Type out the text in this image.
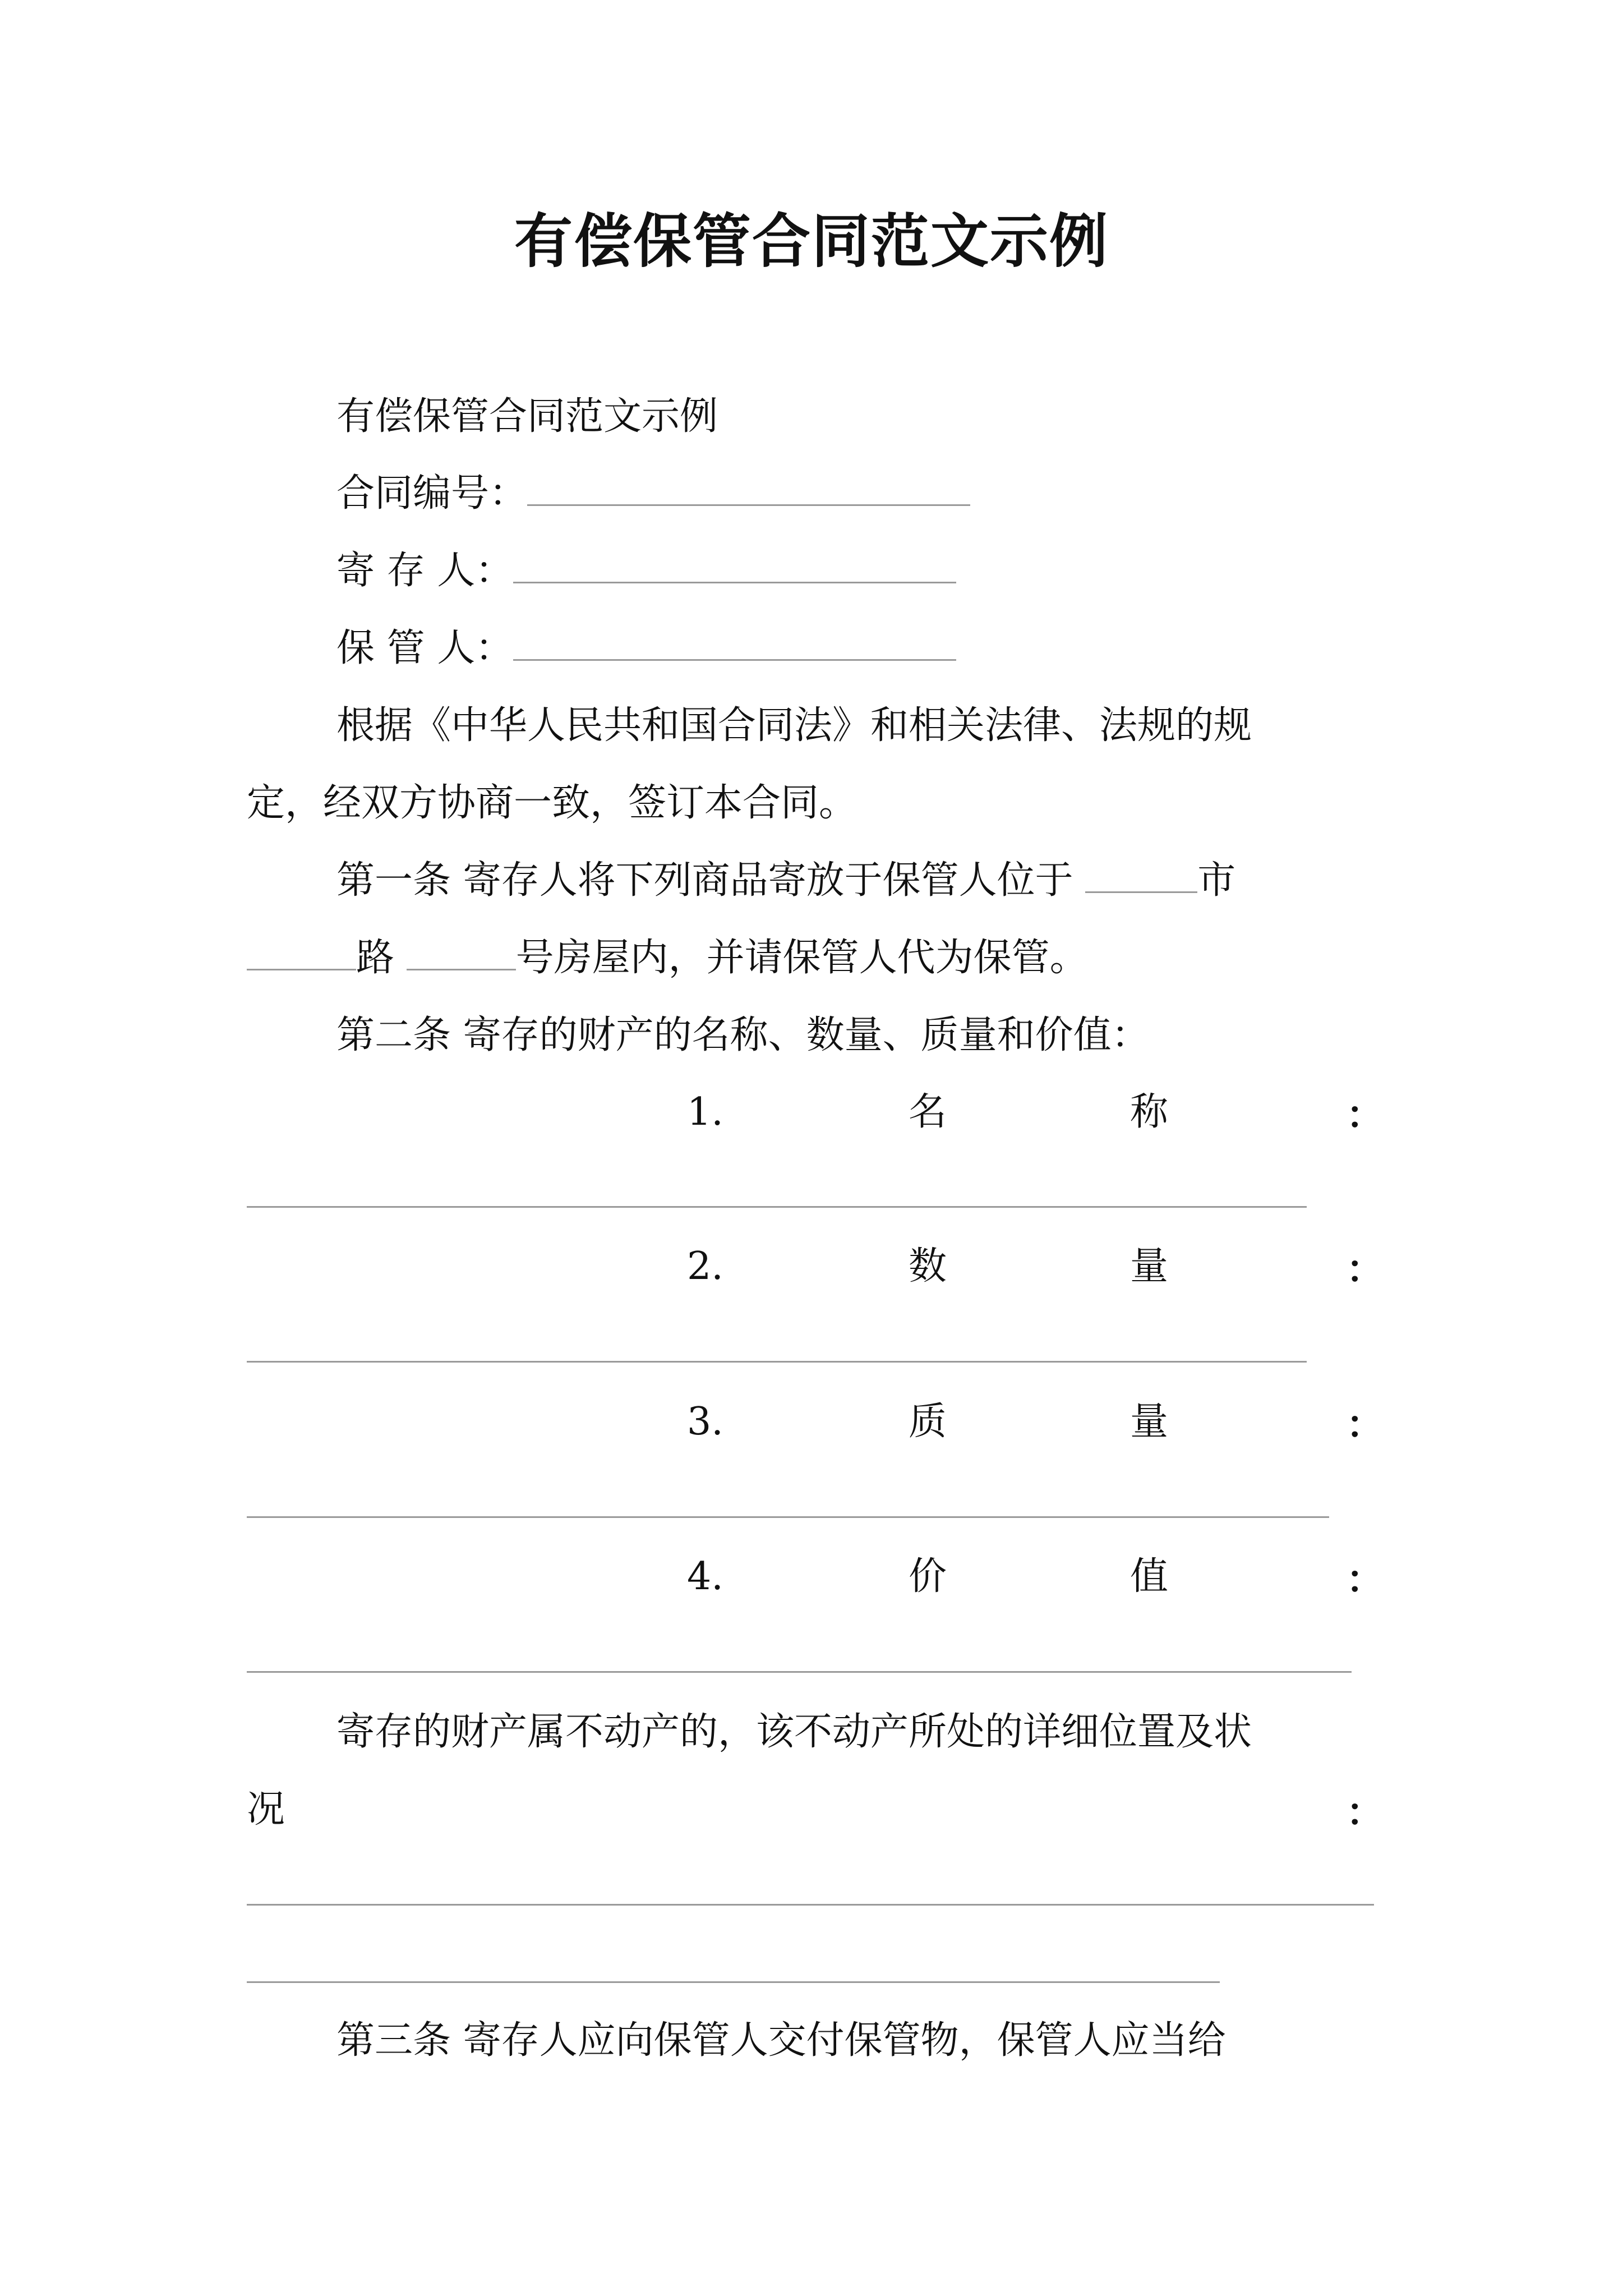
有偿保管合同范文示例
有偿保管合同范文示例
合同编号：
寄 存 人：
保 管 人：
根据《中华人民共和国合同法》和相关法律、法规的规
定，经双方协商一致，签订本合同。
第一条 寄存人将下列商品寄放于保管人位于	市
路	号房屋内，并请保管人代为保管。
第二条 寄存的财产的名称、数量、质量和价值：
1.	名	称	：
2.	数	量	：
3.	质	量	：
4.	价	值	：
寄存的财产属不动产的，该不动产所处的详细位置及状
况	：
第三条 寄存人应向保管人交付保管物，保管人应当给
